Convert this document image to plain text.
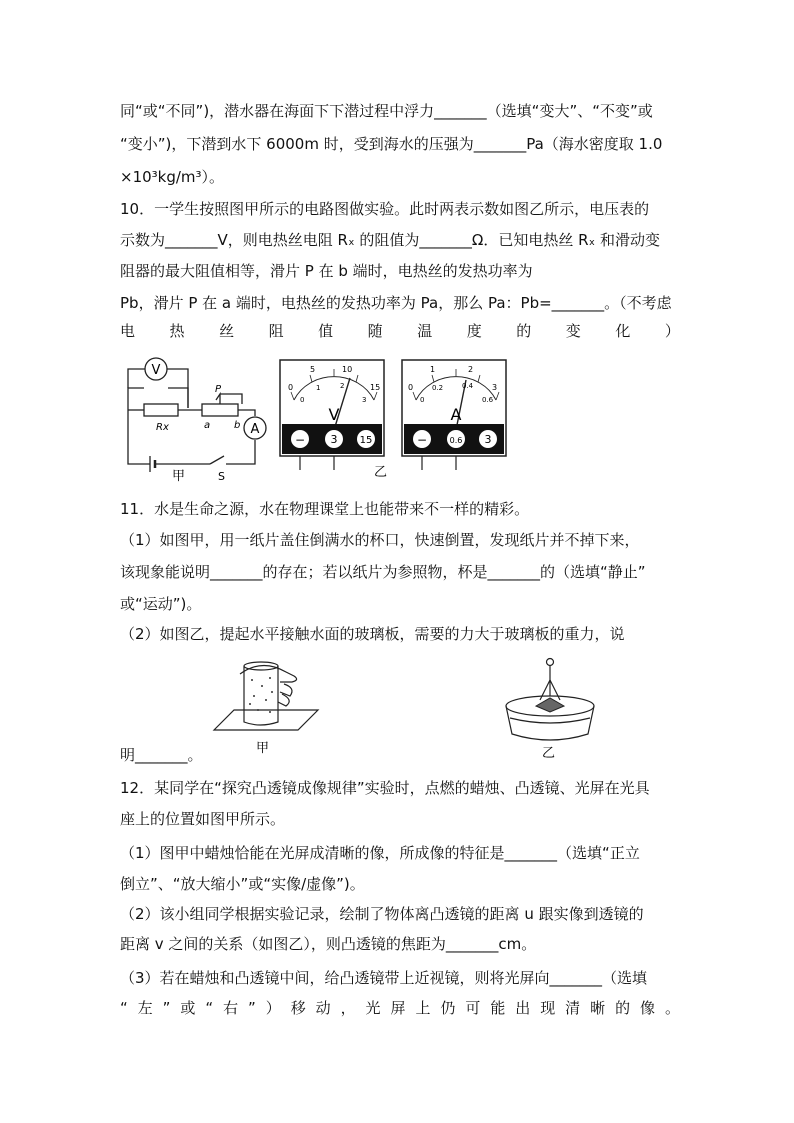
同“或“不同”)，潜水器在海面下下潜过程中浮力_______（选填“变大”、“不变”或
“变小”)，下潜到水下 6000m 时，受到海水的压强为_______Pa（海水密度取 1.0
×10³kg/m³）。
10．一学生按照图甲所示的电路图做实验。此时两表示数如图乙所示，电压表的
示数为_______V，则电热丝电阻 Rₓ 的阻值为_______Ω．已知电热丝 Rₓ 和滑动变
阻器的最大阻值相等，滑片 P 在 b 端时，电热丝的发热功率为
Pb，滑片 P 在 a 端时，电热丝的发热功率为 Pa，那么 Pa：Pb=_______。（不考虑
电 热 丝 阻 值 随 温 度 的 变 化 ）
V
A
Rx
P
a b
S
甲
0
5	10
15
0
1	2
3
V
− 3 15
0
1	2
3
0
0.2	0.4
0.6
A
−	0.6 3
乙
11．水是生命之源，水在物理课堂上也能带来不一样的精彩。
（1）如图甲，用一纸片盖住倒满水的杯口，快速倒置，发现纸片并不掉下来，
该现象能说明_______的存在；若以纸片为参照物，杯是_______的（选填“静止”
或“运动”)。
（2）如图乙，提起水平接触水面的玻璃板，需要的力大于玻璃板的重力，说
甲	乙
明_______。
12．某同学在“探究凸透镜成像规律”实验时，点燃的蜡烛、凸透镜、光屏在光具
座上的位置如图甲所示。
（1）图甲中蜡烛恰能在光屏成清晰的像，所成像的特征是_______（选填“正立
倒立”、“放大缩小”或“实像/虚像”)。
（2）该小组同学根据实验记录，绘制了物体离凸透镜的距离 u 跟实像到透镜的
距离 v 之间的关系（如图乙），则凸透镜的焦距为_______cm。
（3）若在蜡烛和凸透镜中间，给凸透镜带上近视镜，则将光屏向_______（选填
“ 左 ” 或 “ 右 ” ） 移 动 ， 光 屏 上 仍 可 能 出 现 清 晰 的 像 。
